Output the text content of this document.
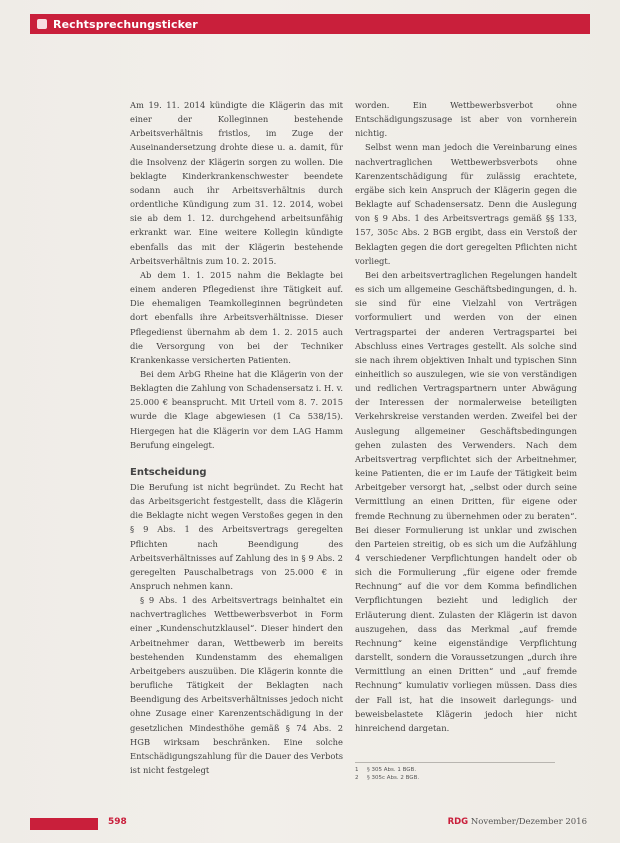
Rechtsprechungsticker

Am 19. 11. 2014 kündigte die Klägerin das mit einer der Kolleginnen bestehende Arbeitsverhältnis fristlos, im Zuge der Auseinandersetzung drohte diese u. a. damit, für die Insolvenz der Klägerin sorgen zu wollen. Die beklagte Kinderkrankenschwester beendete sodann auch ihr Arbeitsverhältnis durch ordentliche Kündigung zum 31. 12. 2014, wobei sie ab dem 1. 12. durchgehend arbeitsunfähig erkrankt war. Eine weitere Kollegin kündigte ebenfalls das mit der Klägerin bestehende Arbeitsverhältnis zum 10. 2. 2015.

Ab dem 1. 1. 2015 nahm die Beklagte bei einem anderen Pflegedienst ihre Tätigkeit auf. Die ehemaligen Teamkolleginnen begründeten dort ebenfalls ihre Arbeitsverhältnisse. Dieser Pflegedienst übernahm ab dem 1. 2. 2015 auch die Versorgung von bei der Techniker Krankenkasse versicherten Patienten.

Bei dem ArbG Rheine hat die Klägerin von der Beklagten die Zahlung von Schadensersatz i. H. v. 25.000 € beansprucht. Mit Urteil vom 8. 7. 2015 wurde die Klage abgewiesen (1 Ca 538/15). Hiergegen hat die Klägerin vor dem LAG Hamm Berufung eingelegt.

Entscheidung

Die Berufung ist nicht begründet. Zu Recht hat das Arbeitsgericht festgestellt, dass die Klägerin die Beklagte nicht wegen Verstoßes gegen in den § 9 Abs. 1 des Arbeitsvertrags geregelten Pflichten nach Beendigung des Arbeitsverhältnisses auf Zahlung des in § 9 Abs. 2 geregelten Pauschalbetrags von 25.000 € in Anspruch nehmen kann.

§ 9 Abs. 1 des Arbeitsvertrags beinhaltet ein nachvertragliches Wettbewerbsverbot in Form einer „Kundenschutzklausel“. Dieser hindert den Arbeitnehmer daran, Wettbewerb im bereits bestehenden Kundenstamm des ehemaligen Arbeitgebers auszuüben. Die Klägerin konnte die berufliche Tätigkeit der Beklagten nach Beendigung des Arbeitsverhältnisses jedoch nicht ohne Zusage einer Karenzentschädigung in der gesetzlichen Mindesthöhe gemäß § 74 Abs. 2 HGB wirksam beschränken. Eine solche Entschädigungszahlung für die Dauer des Verbots ist nicht festgelegt

worden. Ein Wettbewerbsverbot ohne Entschädigungszusage ist aber von vornherein nichtig.

Selbst wenn man jedoch die Vereinbarung eines nachvertraglichen Wettbewerbsverbots ohne Karenzentschädigung für zulässig erachtete, ergäbe sich kein Anspruch der Klägerin gegen die Beklagte auf Schadensersatz. Denn die Auslegung von § 9 Abs. 1 des Arbeitsvertrags gemäß §§ 133, 157, 305c Abs. 2 BGB ergibt, dass ein Verstoß der Beklagten gegen die dort geregelten Pflichten nicht vorliegt.

Bei den arbeitsvertraglichen Regelungen handelt es sich um allgemeine Geschäftsbedingungen, d. h. sie sind für eine Vielzahl von Verträgen vorformuliert und werden von der einen Vertragspartei der anderen Vertragspartei bei Abschluss eines Vertrages gestellt. Als solche sind sie nach ihrem objektiven Inhalt und typischen Sinn einheitlich so auszulegen, wie sie von verständigen und redlichen Vertragspartnern unter Abwägung der Interessen der normalerweise beteiligten Verkehrskreise verstanden werden. Zweifel bei der Auslegung allgemeiner Geschäftsbedingungen gehen zulasten des Verwenders. Nach dem Arbeitsvertrag verpflichtet sich der Arbeitnehmer, keine Patienten, die er im Laufe der Tätigkeit beim Arbeitgeber versorgt hat, „selbst oder durch seine Vermittlung an einen Dritten, für eigene oder fremde Rechnung zu übernehmen oder zu beraten“. Bei dieser Formulierung ist unklar und zwischen den Parteien streitig, ob es sich um die Aufzählung 4 verschiedener Verpflichtungen handelt oder ob sich die Formulierung „für eigene oder fremde Rechnung“ auf die vor dem Komma befindlichen Verpflichtungen bezieht und lediglich der Erläuterung dient. Zulasten der Klägerin ist davon auszugehen, dass das Merkmal „auf fremde Rechnung“ keine eigenständige Verpflichtung darstellt, sondern die Voraussetzungen „durch ihre Vermittlung an einen Dritten“ und „auf fremde Rechnung“ kumulativ vorliegen müssen. Dass dies der Fall ist, hat die insoweit darlegungs- und beweisbelastete Klägerin jedoch hier nicht hinreichend dargetan.

1	§ 305 Abs. 1 BGB.
2	§ 305c Abs. 2 BGB.
598	RDG November/Dezember 2016
